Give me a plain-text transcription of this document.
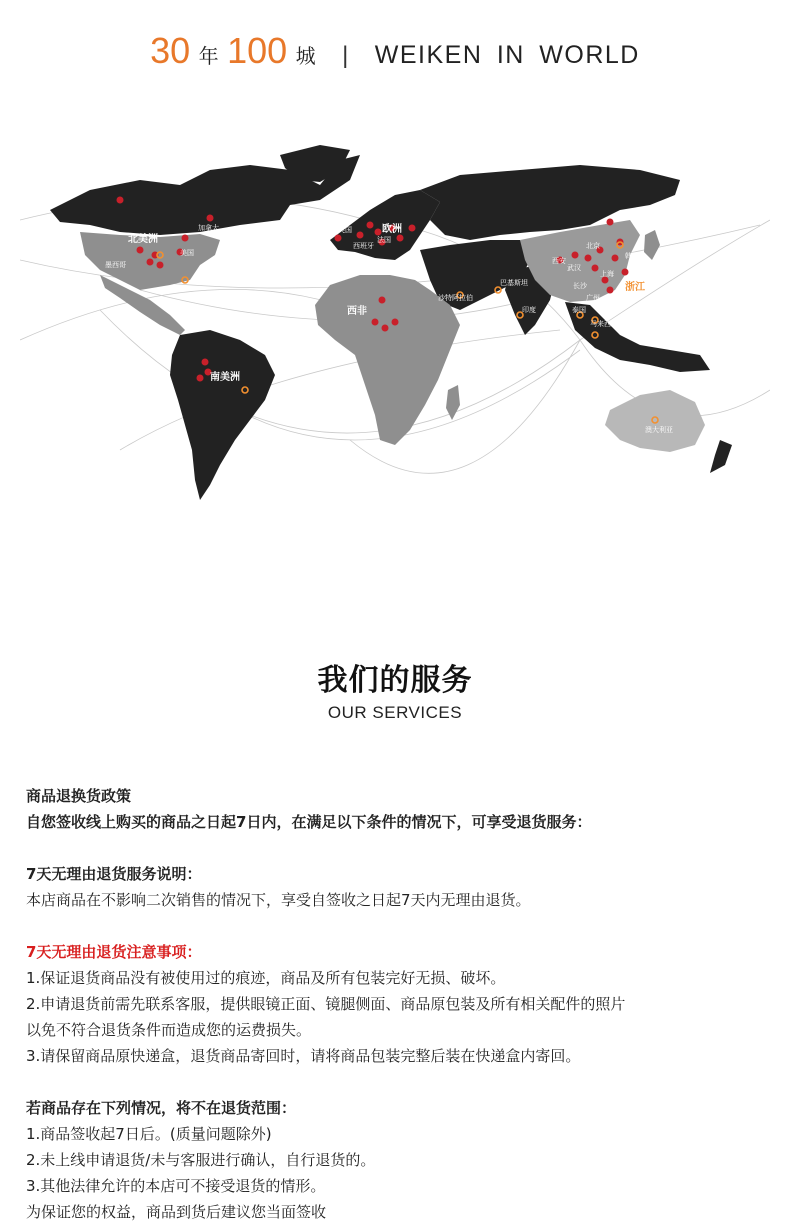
30 年 100 城 | WEIKEN IN WORLD
北美洲
南美洲
欧洲
西非
浙江
加拿大
美国
墨西哥
英国
法国
西班牙
沙特阿拉伯
巴基斯坦
印度	泰国
马来西亚
西安
北京
武汉
上海
长沙
广州
香港
台湾
日本
韩国
澳大利亚
我们的服务
OUR SERVICES

商品退换货政策

自您签收线上购买的商品之日起7日内，在满足以下条件的情况下，可享受退货服务：

7天无理由退货服务说明：

本店商品在不影响二次销售的情况下，享受自签收之日起7天内无理由退货。

7天无理由退货注意事项：

1.保证退货商品没有被使用过的痕迹，商品及所有包装完好无损、破坏。

2.申请退货前需先联系客服，提供眼镜正面、镜腿侧面、商品原包装及所有相关配件的照片

以免不符合退货条件而造成您的运费损失。

3.请保留商品原快递盒，退货商品寄回时，请将商品包装完整后装在快递盒内寄回。

若商品存在下列情况，将不在退货范围：

1.商品签收起7日后。(质量问题除外)

2.未上线申请退货/未与客服进行确认，自行退货的。

3.其他法律允许的本店可不接受退货的情形。

为保证您的权益，商品到货后建议您当面签收
